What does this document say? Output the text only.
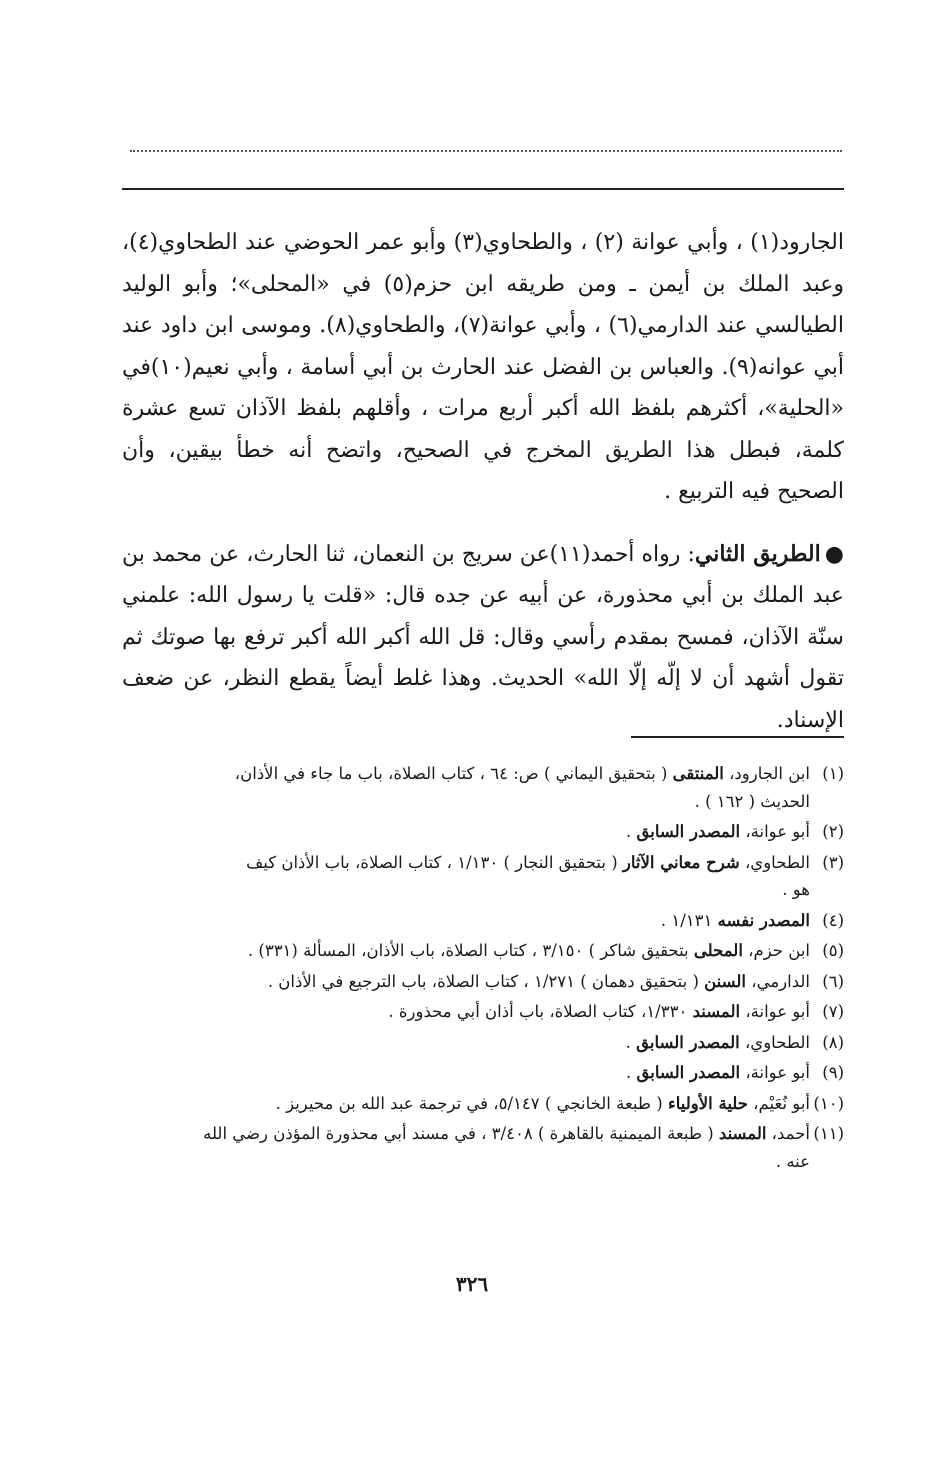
الجارود(١) ، وأبي عوانة (٢) ، والطحاوي(٣) وأبو عمر الحوضي عند الطحاوي(٤)، وعبد الملك بن أيمن ـ ومن طريقه ابن حزم(٥) في «المحلى»؛ وأبو الوليد الطيالسي عند الدارمي(٦) ، وأبي عوانة(٧)، والطحاوي(٨). وموسى ابن داود عند أبي عوانه(٩). والعباس بن الفضل عند الحارث بن أبي أسامة ، وأبي نعيم(١٠)في «الحلية»، أكثرهم بلفظ الله أكبر أربع مرات ، وأقلهم بلفظ الآذان تسع عشرة كلمة، فبطل هذا الطريق المخرج في الصحيح، واتضح أنه خطأ بيقين، وأن الصحيح فيه التربيع .

●الطريق الثاني: رواه أحمد(١١)عن سريج بن النعمان، ثنا الحارث، عن محمد بن عبد الملك بن أبي محذورة، عن أبيه عن جده قال: «قلت يا رسول الله: علمني سنّة الآذان، فمسح بمقدم رأسي وقال: قل الله أكبر الله أكبر ترفع بها صوتك ثم تقول أشهد أن لا إلّه إلّا الله» الحديث. وهذا غلط أيضاً يقطع النظر، عن ضعف الإسناد.

(١)ابن الجارود، المنتقى ( بتحقيق اليماني ) ص: ٦٤ ، كتاب الصلاة، باب ما جاء في الأذان،
الحديث ( ١٦٢ ) .
(٢)أبو عوانة، المصدر السابق .
(٣)الطحاوي، شرح معاني الآثار ( بتحقيق النجار ) ١/١٣٠ ، كتاب الصلاة، باب الأذان كيف
هو .
(٤)المصدر نفسه ١/١٣١ .
(٥)ابن حزم، المحلى بتحقيق شاكر ) ٣/١٥٠ ، كتاب الصلاة، باب الأذان، المسألة (٣٣١) .
(٦)الدارمي، السنن ( بتحقيق دهمان ) ١/٢٧١ ، كتاب الصلاة، باب الترجيع في الأذان .
(٧)أبو عوانة، المسند ١/٣٣٠، كتاب الصلاة، باب أذان أبي محذورة .
(٨)الطحاوي، المصدر السابق .
(٩)أبو عوانة، المصدر السابق .
(١٠)أبو نُعَيْم، حلية الأولياء ( طبعة الخانجي ) ٥/١٤٧، في ترجمة عبد الله بن محيريز .
(١١)أحمد، المسند ( طبعة الميمنية بالقاهرة ) ٣/٤٠٨ ، في مسند أبي محذورة المؤذن رضي الله
عنه .
٣٢٦
